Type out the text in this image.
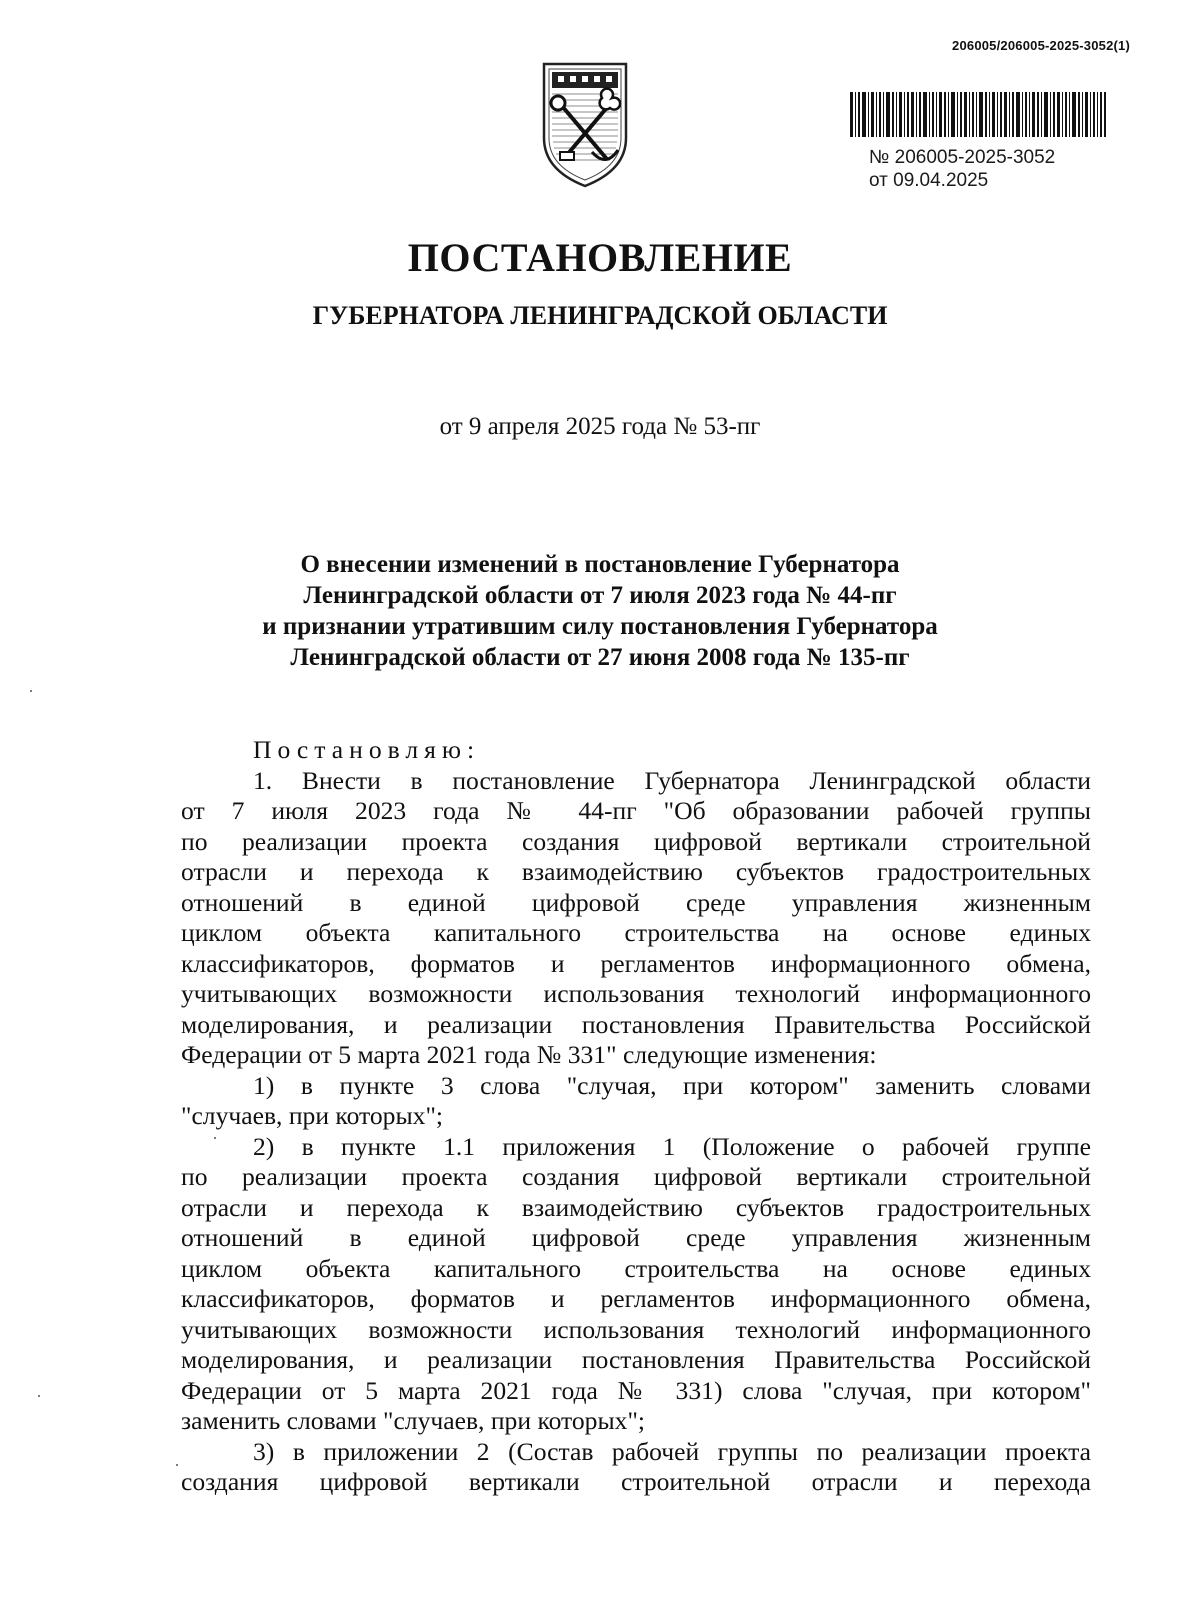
206005/206005-2025-3052(1)
№ 206005-2025-3052
от 09.04.2025
ПОСТАНОВЛЕНИЕ
ГУБЕРНАТОРА ЛЕНИНГРАДСКОЙ ОБЛАСТИ
от 9 апреля 2025 года № 53-пг
О внесении изменений в постановление Губернатора
Ленинградской области от 7 июля 2023 года № 44-пг
и признании утратившим силу постановления Губернатора
Ленинградской области от 27 июня 2008 года № 135-пг
Постановляю:
1. Внести в постановление Губернатора Ленинградской области
от 7 июля 2023 года № 44-пг "Об образовании рабочей группы
по реализации проекта создания цифровой вертикали строительной
отрасли и перехода к взаимодействию субъектов градостроительных
отношений в единой цифровой среде управления жизненным
циклом объекта капитального строительства на основе единых
классификаторов, форматов и регламентов информационного обмена,
учитывающих возможности использования технологий информационного
моделирования, и реализации постановления Правительства Российской
Федерации от 5 марта 2021 года № 331" следующие изменения:
1) в пункте 3 слова "случая, при котором" заменить словами
"случаев, при которых";
2) в пункте 1.1 приложения 1 (Положение о рабочей группе
по реализации проекта создания цифровой вертикали строительной
отрасли и перехода к взаимодействию субъектов градостроительных
отношений в единой цифровой среде управления жизненным
циклом объекта капитального строительства на основе единых
классификаторов, форматов и регламентов информационного обмена,
учитывающих возможности использования технологий информационного
моделирования, и реализации постановления Правительства Российской
Федерации от 5 марта 2021 года № 331) слова "случая, при котором"
заменить словами "случаев, при которых";
3) в приложении 2 (Состав рабочей группы по реализации проекта
создания цифровой вертикали строительной отрасли и перехода
